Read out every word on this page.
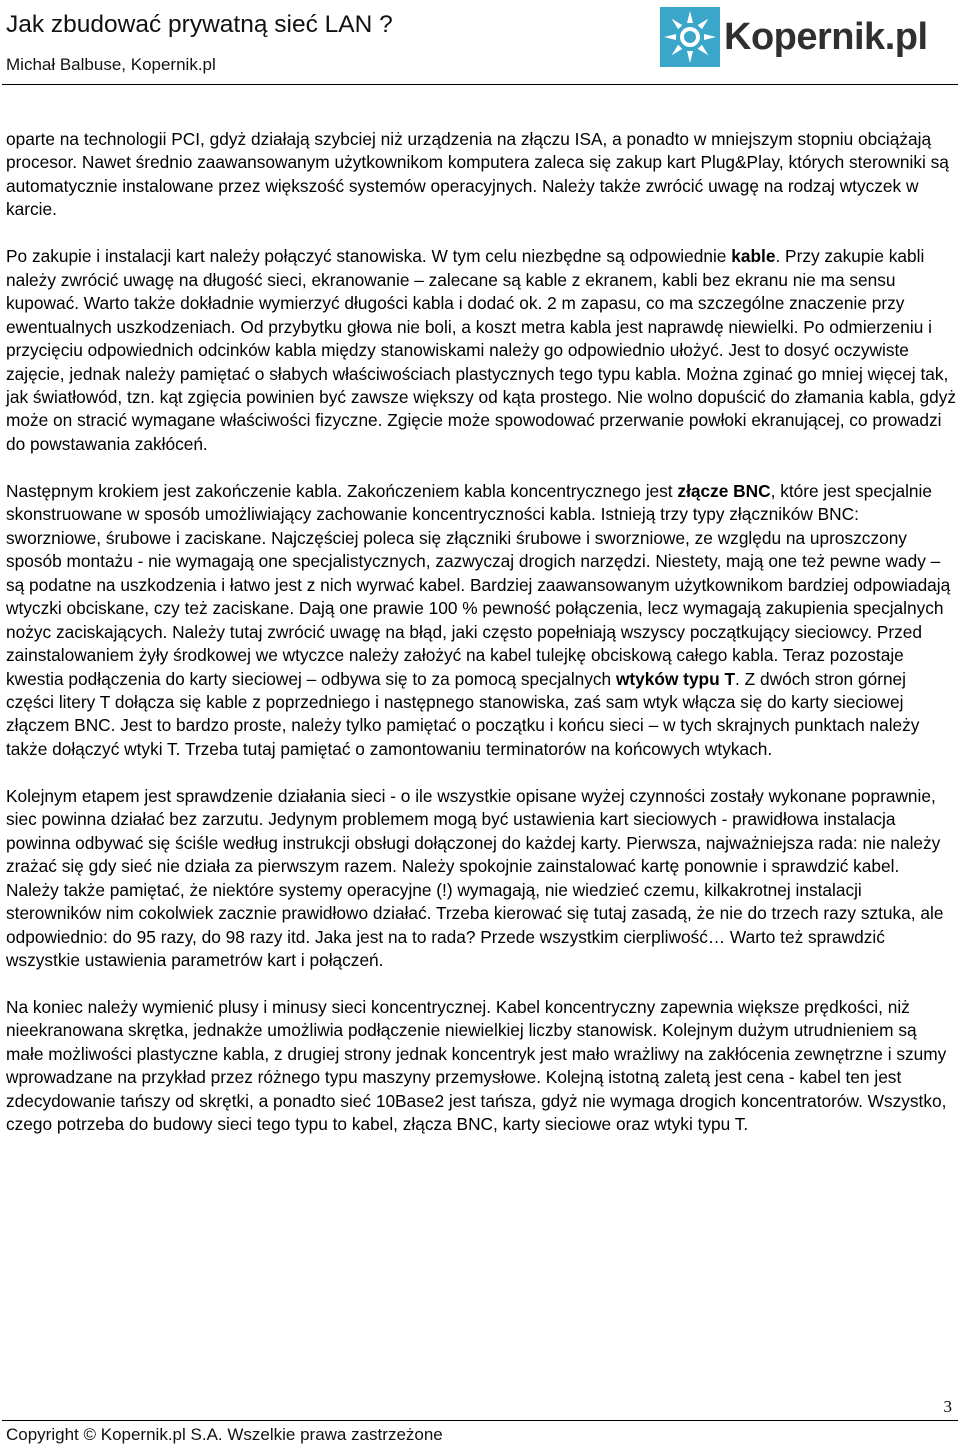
Jak zbudować prywatną sieć LAN ?
Michał Balbuse, Kopernik.pl
Kopernik.pl

oparte na technologii PCI, gdyż działają szybciej niż urządzenia na złączu ISA, a ponadto w mniejszym stopniu obciążają procesor. Nawet średnio zaawansowanym użytkownikom komputera zaleca się zakup kart Plug&Play, których sterowniki są automatycznie instalowane przez większość systemów operacyjnych. Należy także zwrócić uwagę na rodzaj wtyczek w karcie.

Po zakupie i instalacji kart należy połączyć stanowiska. W tym celu niezbędne są odpowiednie kable. Przy zakupie kabli należy zwrócić uwagę na długość sieci, ekranowanie – zalecane są kable z ekranem, kabli bez ekranu nie ma sensu kupować. Warto także dokładnie wymierzyć długości kabla i dodać ok. 2 m zapasu, co ma szczególne znaczenie przy ewentualnych uszkodzeniach. Od przybytku głowa nie boli, a koszt metra kabla jest naprawdę niewielki. Po odmierzeniu i przycięciu odpowiednich odcinków kabla między stanowiskami należy go odpowiednio ułożyć. Jest to dosyć oczywiste zajęcie, jednak należy pamiętać o słabych właściwościach plastycznych tego typu kabla. Można zginać go mniej więcej tak, jak światłowód, tzn. kąt zgięcia powinien być zawsze większy od kąta prostego. Nie wolno dopuścić do złamania kabla, gdyż może on stracić wymagane właściwości fizyczne. Zgięcie może spowodować przerwanie powłoki ekranującej, co prowadzi do powstawania zakłóceń.

Następnym krokiem jest zakończenie kabla. Zakończeniem kabla koncentrycznego jest złącze BNC, które jest specjalnie skonstruowane w sposób umożliwiający zachowanie koncentryczności kabla. Istnieją trzy typy złączników BNC: sworzniowe, śrubowe i zaciskane. Najczęściej poleca się złączniki śrubowe i sworzniowe, ze względu na uproszczony sposób montażu - nie wymagają one specjalistycznych, zazwyczaj drogich narzędzi. Niestety, mają one też pewne wady – są podatne na uszkodzenia i łatwo jest z nich wyrwać kabel. Bardziej zaawansowanym użytkownikom bardziej odpowiadają wtyczki obciskane, czy też zaciskane. Dają one prawie 100 % pewność połączenia, lecz wymagają zakupienia specjalnych nożyc zaciskających. Należy tutaj zwrócić uwagę na błąd, jaki często popełniają wszyscy początkujący sieciowcy. Przed zainstalowaniem żyły środkowej we wtyczce należy założyć na kabel tulejkę obciskową całego kabla. Teraz pozostaje kwestia podłączenia do karty sieciowej – odbywa się to za pomocą specjalnych wtyków typu T. Z dwóch stron górnej części litery T dołącza się kable z poprzedniego i następnego stanowiska, zaś sam wtyk włącza się do karty sieciowej złączem BNC. Jest to bardzo proste, należy tylko pamiętać o początku i końcu sieci – w tych skrajnych punktach należy także dołączyć wtyki T. Trzeba tutaj pamiętać o zamontowaniu terminatorów na końcowych wtykach.

Kolejnym etapem jest sprawdzenie działania sieci - o ile wszystkie opisane wyżej czynności zostały wykonane poprawnie, siec powinna działać bez zarzutu. Jedynym problemem mogą być ustawienia kart sieciowych - prawidłowa instalacja powinna odbywać się ściśle według instrukcji obsługi dołączonej do każdej karty. Pierwsza, najważniejsza rada: nie należy zrażać się gdy sieć nie działa za pierwszym razem. Należy spokojnie zainstalować kartę ponownie i sprawdzić kabel. Należy także pamiętać, że niektóre systemy operacyjne (!) wymagają, nie wiedzieć czemu, kilkakrotnej instalacji sterowników nim cokolwiek zacznie prawidłowo działać. Trzeba kierować się tutaj zasadą, że nie do trzech razy sztuka, ale odpowiednio: do 95 razy, do 98 razy itd. Jaka jest na to rada? Przede wszystkim cierpliwość… Warto też sprawdzić wszystkie ustawienia parametrów kart i połączeń.

Na koniec należy wymienić plusy i minusy sieci koncentrycznej. Kabel koncentryczny zapewnia większe prędkości, niż nieekranowana skrętka, jednakże umożliwia podłączenie niewielkiej liczby stanowisk. Kolejnym dużym utrudnieniem są małe możliwości plastyczne kabla, z drugiej strony jednak koncentryk jest mało wrażliwy na zakłócenia zewnętrzne i szumy wprowadzane na przykład przez różnego typu maszyny przemysłowe. Kolejną istotną zaletą jest cena - kabel ten jest zdecydowanie tańszy od skrętki, a ponadto sieć 10Base2 jest tańsza, gdyż nie wymaga drogich koncentratorów. Wszystko, czego potrzeba do budowy sieci tego typu to kabel, złącza BNC, karty sieciowe oraz wtyki typu T.

3
Copyright © Kopernik.pl S.A. Wszelkie prawa zastrzeżone
